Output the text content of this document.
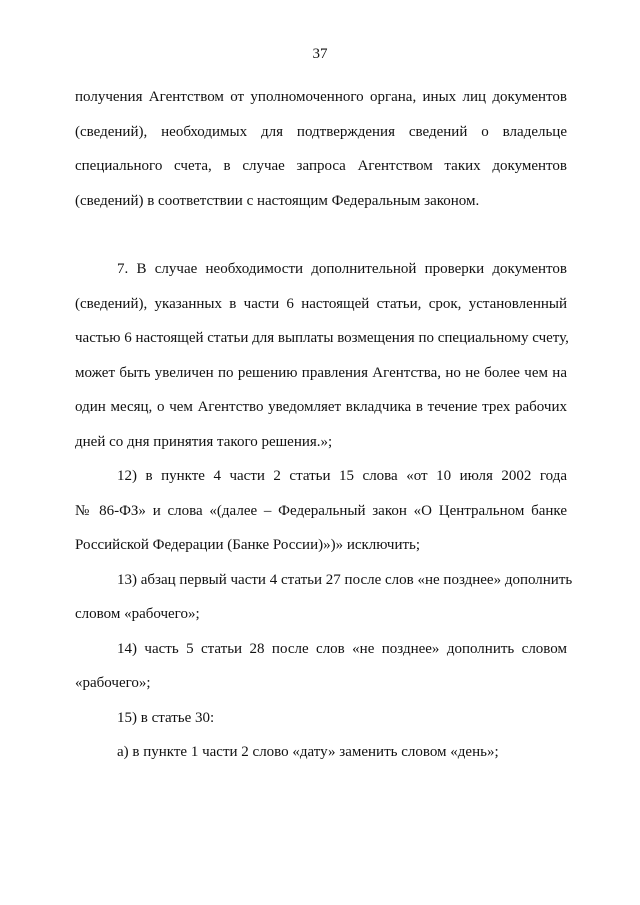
37

получения Агентством от уполномоченного органа, иных лиц документов
(сведений), необходимых для подтверждения сведений о владельце
специального счета, в случае запроса Агентством таких документов
(сведений) в соответствии с настоящим Федеральным законом.

7. В случае необходимости дополнительной проверки документов
(сведений), указанных в части 6 настоящей статьи, срок, установленный
частью 6 настоящей статьи для выплаты возмещения по специальному счету,
может быть увеличен по решению правления Агентства, но не более чем на
один месяц, о чем Агентство уведомляет вкладчика в течение трех рабочих
дней со дня принятия такого решения.»;

12) в пункте 4 части 2 статьи 15 слова «от 10 июля 2002 года
№ 86-ФЗ» и слова «(далее – Федеральный закон «О Центральном банке
Российской Федерации (Банке России)»)» исключить;

13) абзац первый части 4 статьи 27 после слов «не позднее» дополнить
словом «рабочего»;

14) часть 5 статьи 28 после слов «не позднее» дополнить словом
«рабочего»;

15) в статье 30:

а) в пункте 1 части 2 слово «дату» заменить словом «день»;
